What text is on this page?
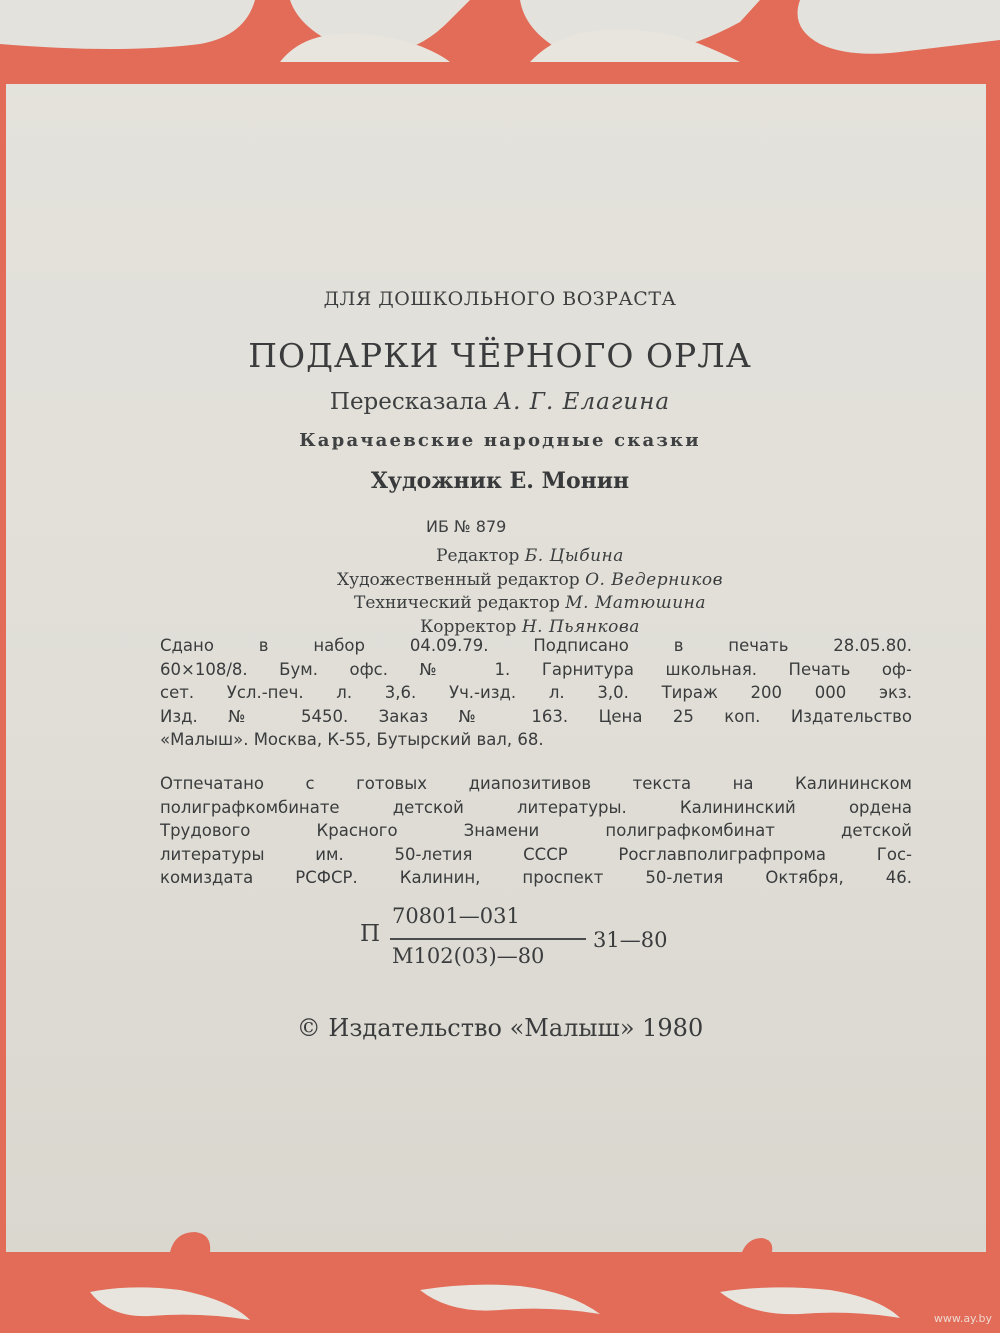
ДЛЯ ДОШКОЛЬНОГО ВОЗРАСТА
ПОДАРКИ ЧЁРНОГО ОРЛА
Пересказала А. Г. Елагина
Карачаевские народные сказки
Художник Е. Монин
ИБ № 879
Редактор Б. Цыбина
Художественный редактор О. Ведерников
Технический редактор М. Матюшина
Корректор Н. Пьянкова
Сдано в набор 04.09.79. Подписано в печать 28.05.80.
60×108/8. Бум. офс. № 1. Гарнитура школьная. Печать оф-
сет. Усл.-печ. л. 3,6. Уч.-изд. л. 3,0. Тираж 200 000 экз.
Изд. № 5450. Заказ № 163. Цена 25 коп. Издательство
«Малыш». Москва, К-55, Бутырский вал, 68.
Отпечатано с готовых диапозитивов текста на Калининском
полиграфкомбинате детской литературы. Калининский ордена
Трудового Красного Знамени полиграфкомбинат детской
литературы им. 50-летия СССР Росглавполиграфпрома Гос-
комиздата РСФСР. Калинин, проспект 50-летия Октября, 46.
П
70801—031
М102(03)—80
31—80
© Издательство «Малыш» 1980
www.ay.by
